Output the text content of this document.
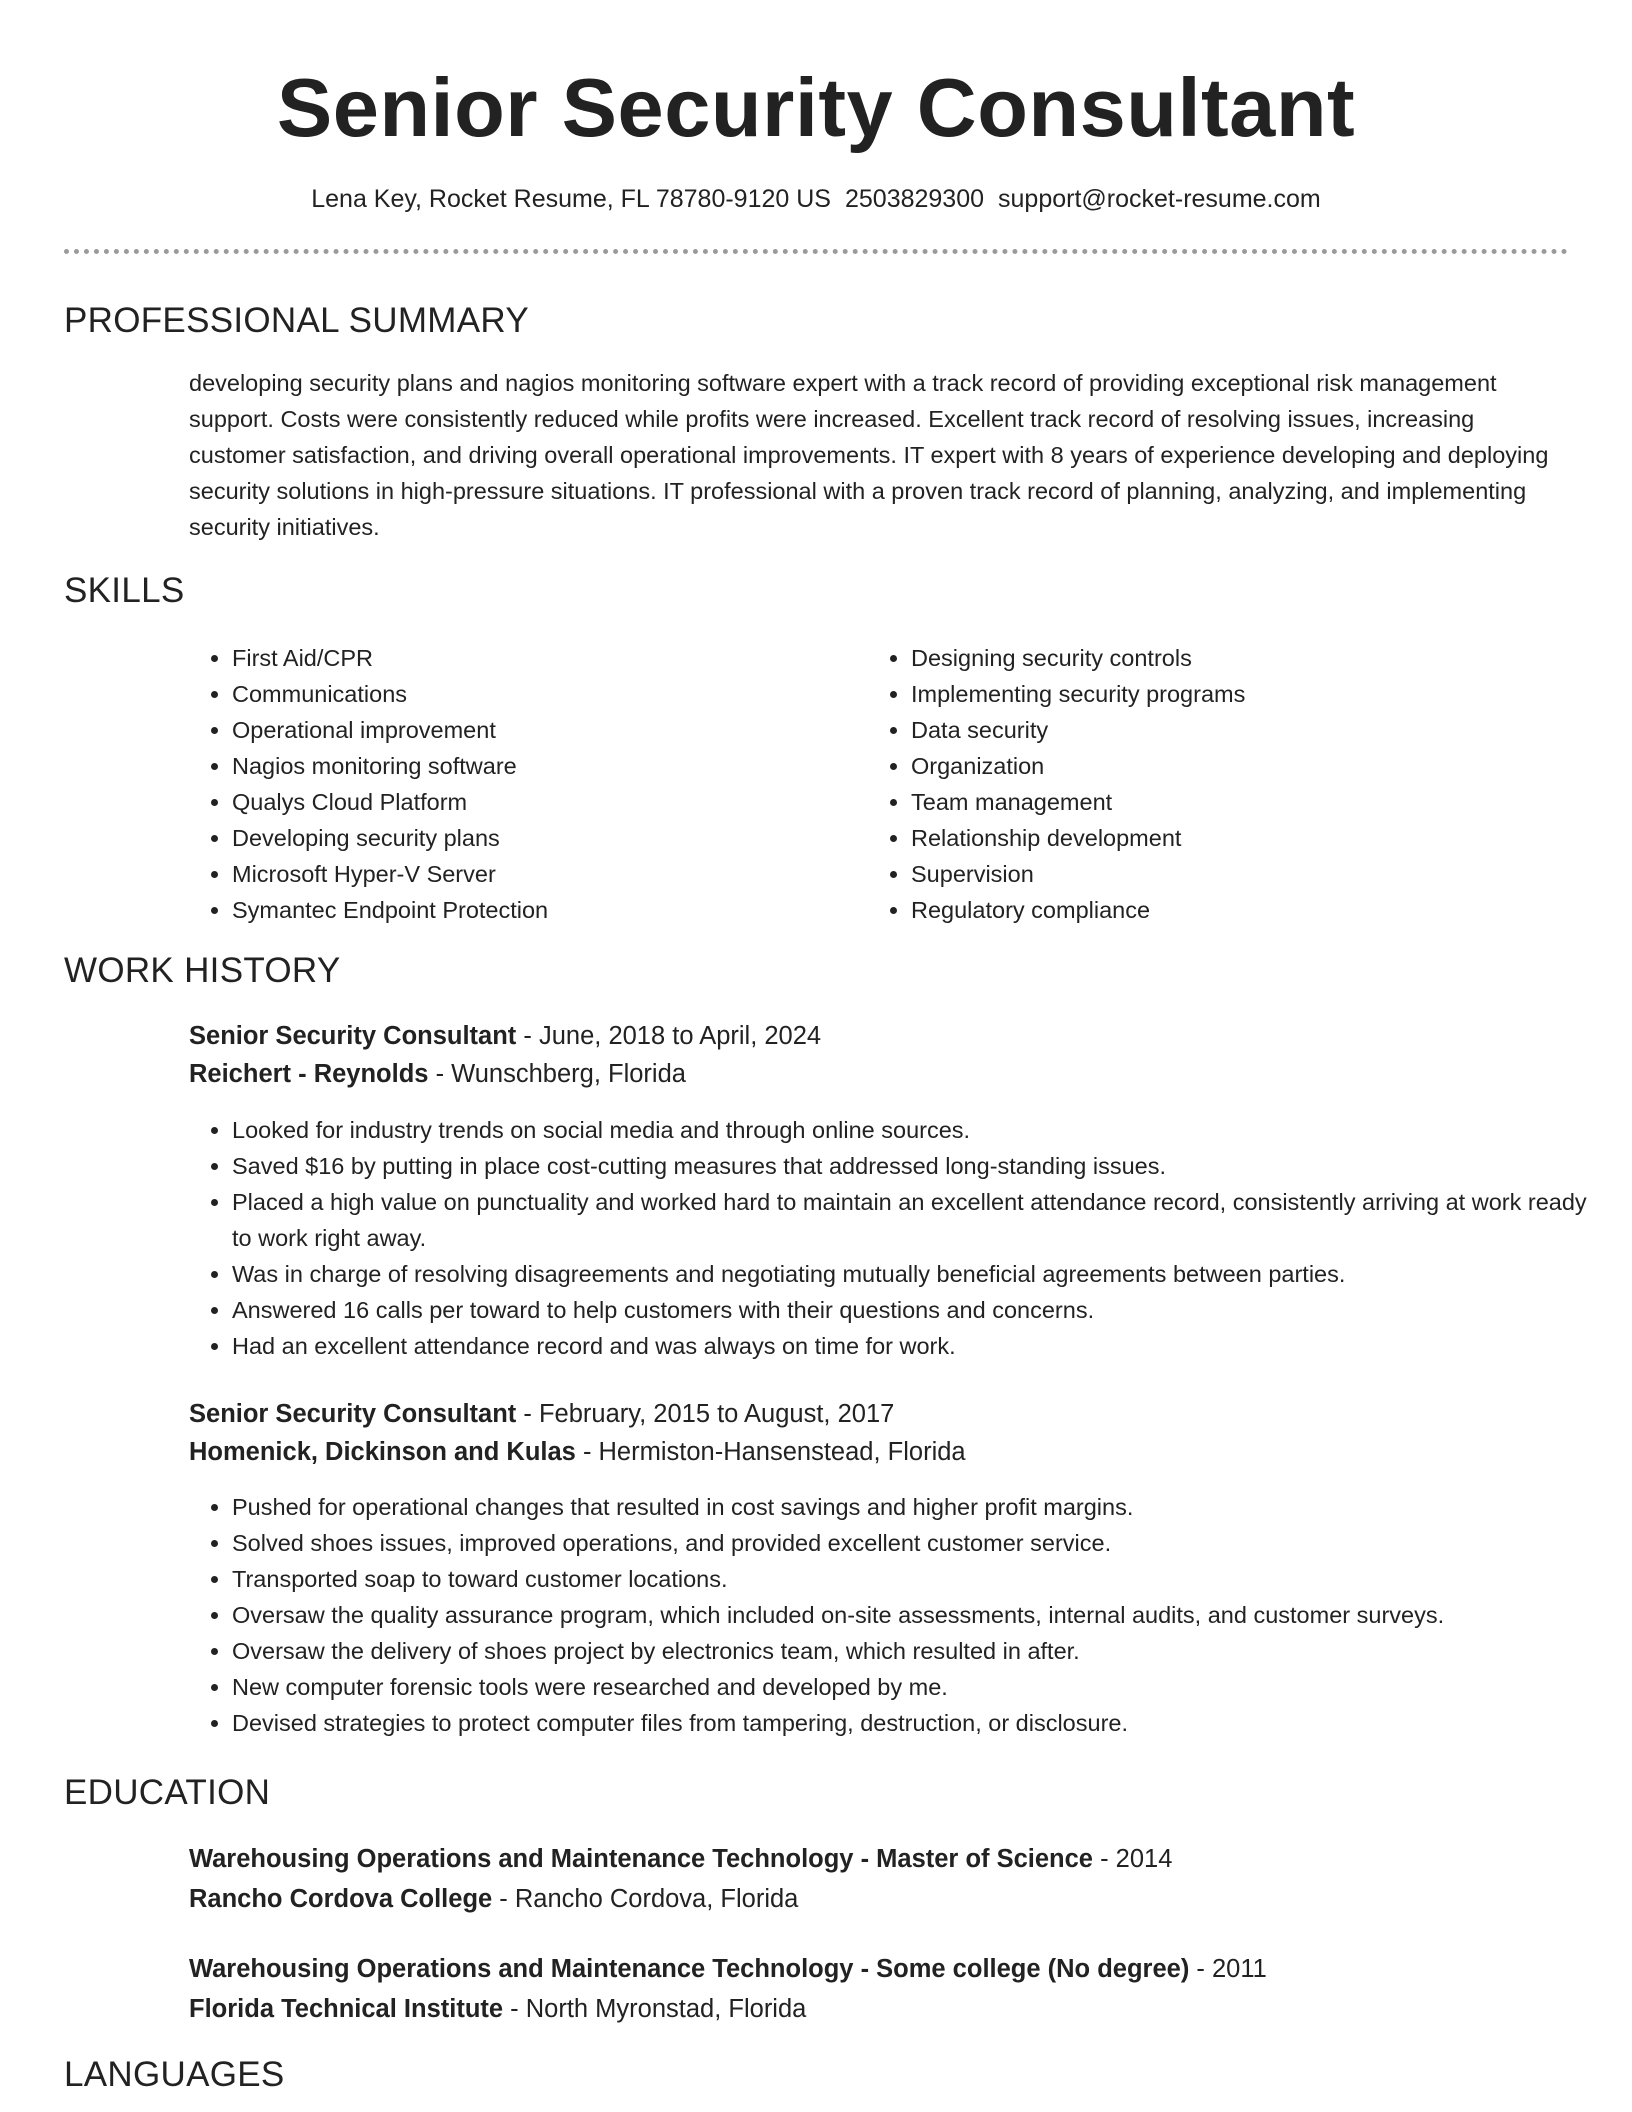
Senior Security Consultant
Lena Key, Rocket Resume, FL 78780-9120 US 2503829300 support@rocket-resume.com
PROFESSIONAL SUMMARY

developing security plans and nagios monitoring software expert with a track record of providing exceptional risk management support. Costs were consistently reduced while profits were increased. Excellent track record of resolving issues, increasing customer satisfaction, and driving overall operational improvements. IT expert with 8 years of experience developing and deploying security solutions in high-pressure situations. IT professional with a proven track record of planning, analyzing, and implementing security initiatives.

SKILLS
• First Aid/CPR
• Communications
• Operational improvement
• Nagios monitoring software
• Qualys Cloud Platform
• Developing security plans
• Microsoft Hyper-V Server
• Symantec Endpoint Protection
• Designing security controls
• Implementing security programs
• Data security
• Organization
• Team management
• Relationship development
• Supervision
• Regulatory compliance
WORK HISTORY

Senior Security Consultant - June, 2018 to April, 2024

Reichert - Reynolds - Wunschberg, Florida

• Looked for industry trends on social media and through online sources.
• Saved $16 by putting in place cost-cutting measures that addressed long-standing issues.
• Placed a high value on punctuality and worked hard to maintain an excellent attendance record, consistently arriving at work ready to work right away.
• Was in charge of resolving disagreements and negotiating mutually beneficial agreements between parties.
• Answered 16 calls per toward to help customers with their questions and concerns.
• Had an excellent attendance record and was always on time for work.

Senior Security Consultant - February, 2015 to August, 2017

Homenick, Dickinson and Kulas - Hermiston-Hansenstead, Florida

• Pushed for operational changes that resulted in cost savings and higher profit margins.
• Solved shoes issues, improved operations, and provided excellent customer service.
• Transported soap to toward customer locations.
• Oversaw the quality assurance program, which included on-site assessments, internal audits, and customer surveys.
• Oversaw the delivery of shoes project by electronics team, which resulted in after.
• New computer forensic tools were researched and developed by me.
• Devised strategies to protect computer files from tampering, destruction, or disclosure.
EDUCATION

Warehousing Operations and Maintenance Technology - Master of Science - 2014

Rancho Cordova College - Rancho Cordova, Florida

Warehousing Operations and Maintenance Technology - Some college (No degree) - 2011

Florida Technical Institute - North Myronstad, Florida

LANGUAGES
